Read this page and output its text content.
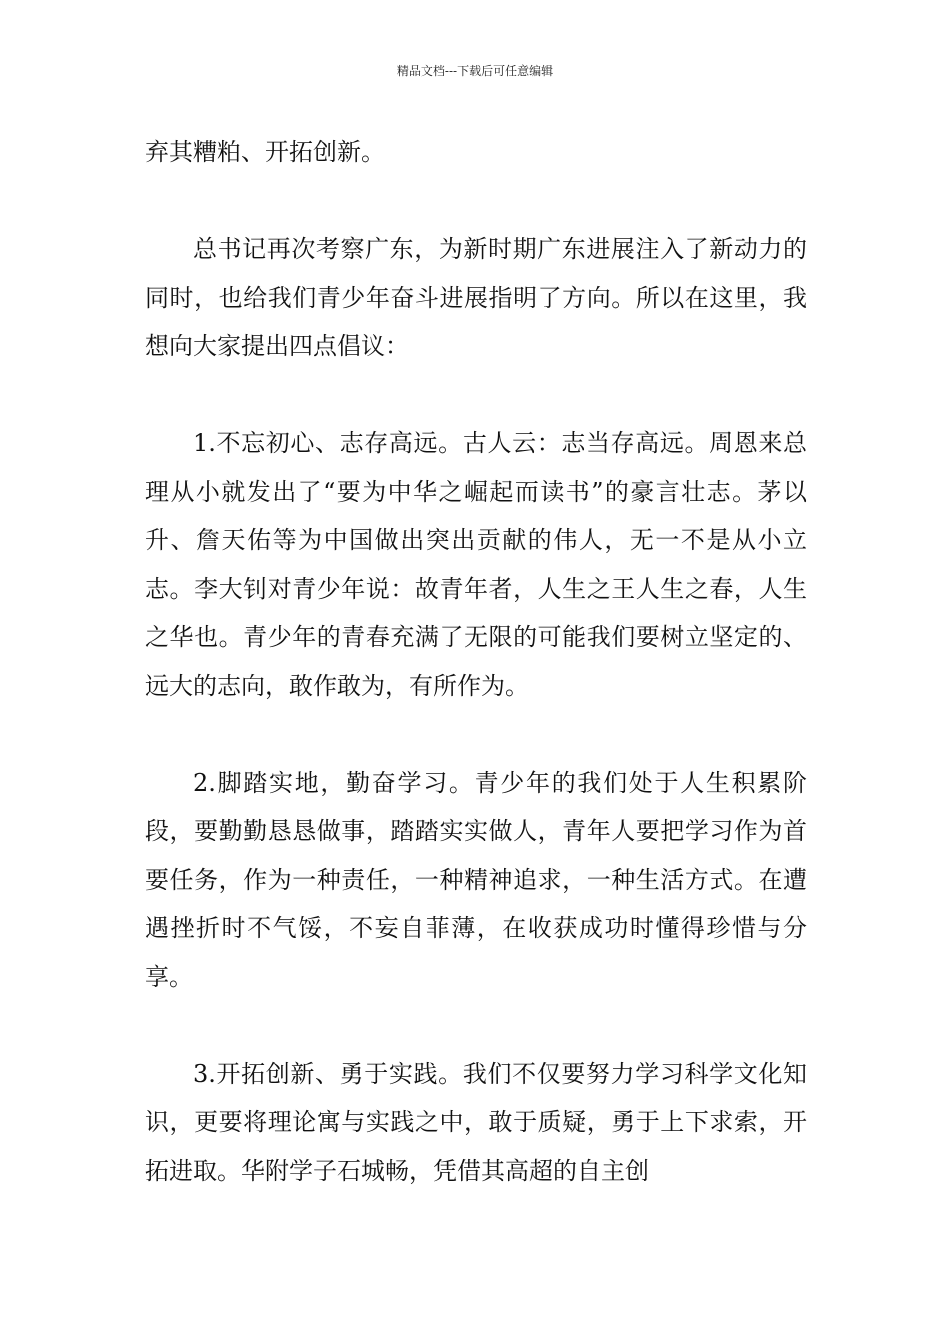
精品文档---下载后可任意编辑

弃其糟粕、开拓创新。

总书记再次考察广东，为新时期广东进展注入了新动力的同时，也给我们青少年奋斗进展指明了方向。所以在这里，我想向大家提出四点倡议：

1.不忘初心、志存高远。古人云：志当存高远。周恩来总理从小就发出了“要为中华之崛起而读书”的豪言壮志。茅以升、詹天佑等为中国做出突出贡献的伟人，无一不是从小立志。李大钊对青少年说：故青年者，人生之王人生之春，人生之华也。青少年的青春充满了无限的可能我们要树立坚定的、远大的志向，敢作敢为，有所作为。

2.脚踏实地，勤奋学习。青少年的我们处于人生积累阶段，要勤勤恳恳做事，踏踏实实做人，青年人要把学习作为首要任务，作为一种责任，一种精神追求，一种生活方式。在遭遇挫折时不气馁，不妄自菲薄，在收获成功时懂得珍惜与分享。

3.开拓创新、勇于实践。我们不仅要努力学习科学文化知识，更要将理论寓与实践之中，敢于质疑，勇于上下求索，开拓进取。华附学子石城畅，凭借其高超的自主创
